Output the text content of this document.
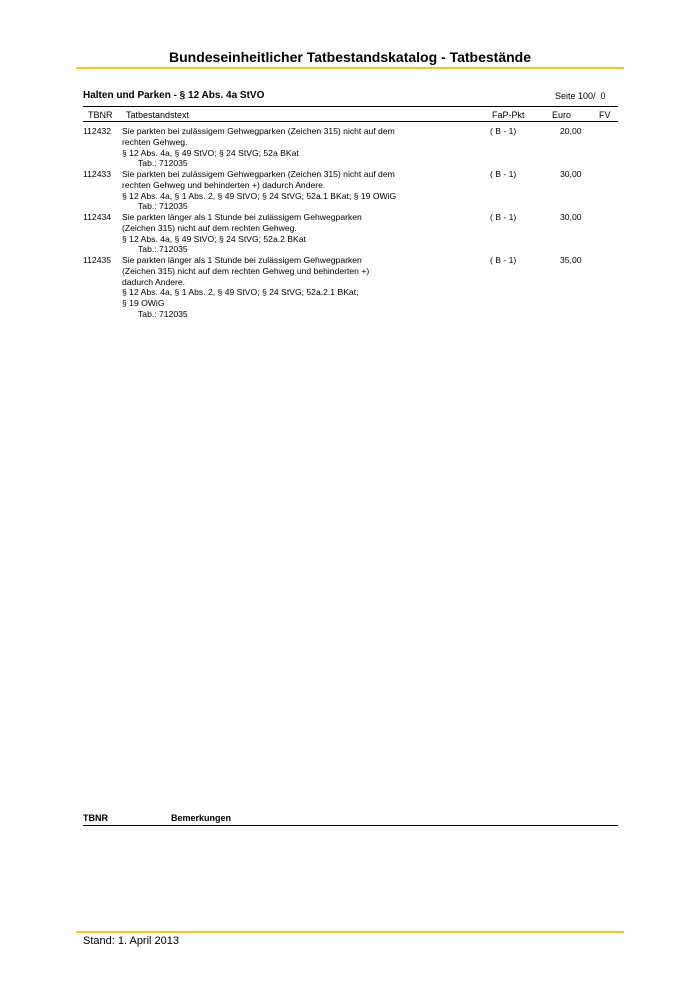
Bundeseinheitlicher Tatbestandskatalog - Tatbestände
Halten und Parken - § 12 Abs. 4a StVO	Seite 100/  0
TBNR Tatbestandstext	FaP-Pkt	Euro	FV
112432 Sie parkten bei zulässigem Gehwegparken (Zeichen 315) nicht auf dem
rechten Gehweg.
§ 12 Abs. 4a, § 49 StVO; § 24 StVG; 52a BKat
Tab.: 712035
( B - 1)	20,00
112433 Sie parkten bei zulässigem Gehwegparken (Zeichen 315) nicht auf dem
rechten Gehweg und behinderten +) dadurch Andere.
§ 12 Abs. 4a, § 1 Abs. 2, § 49 StVO; § 24 StVG; 52a.1 BKat; § 19 OWiG
Tab.: 712035
( B - 1)	30,00
112434 Sie parkten länger als 1 Stunde bei zulässigem Gehwegparken
(Zeichen 315) nicht auf dem rechten Gehweg.
§ 12 Abs. 4a, § 49 StVO; § 24 StVG; 52a.2 BKat
Tab.: 712035
( B - 1)	30,00
112435 Sie parkten länger als 1 Stunde bei zulässigem Gehwegparken
(Zeichen 315) nicht auf dem rechten Gehweg und behinderten +)
dadurch Andere.
§ 12 Abs. 4a, § 1 Abs. 2, § 49 StVO; § 24 StVG; 52a.2.1 BKat;
§ 19 OWiG
Tab.: 712035
( B - 1)	35,00
TBNR	Bemerkungen
Stand: 1. April 2013
